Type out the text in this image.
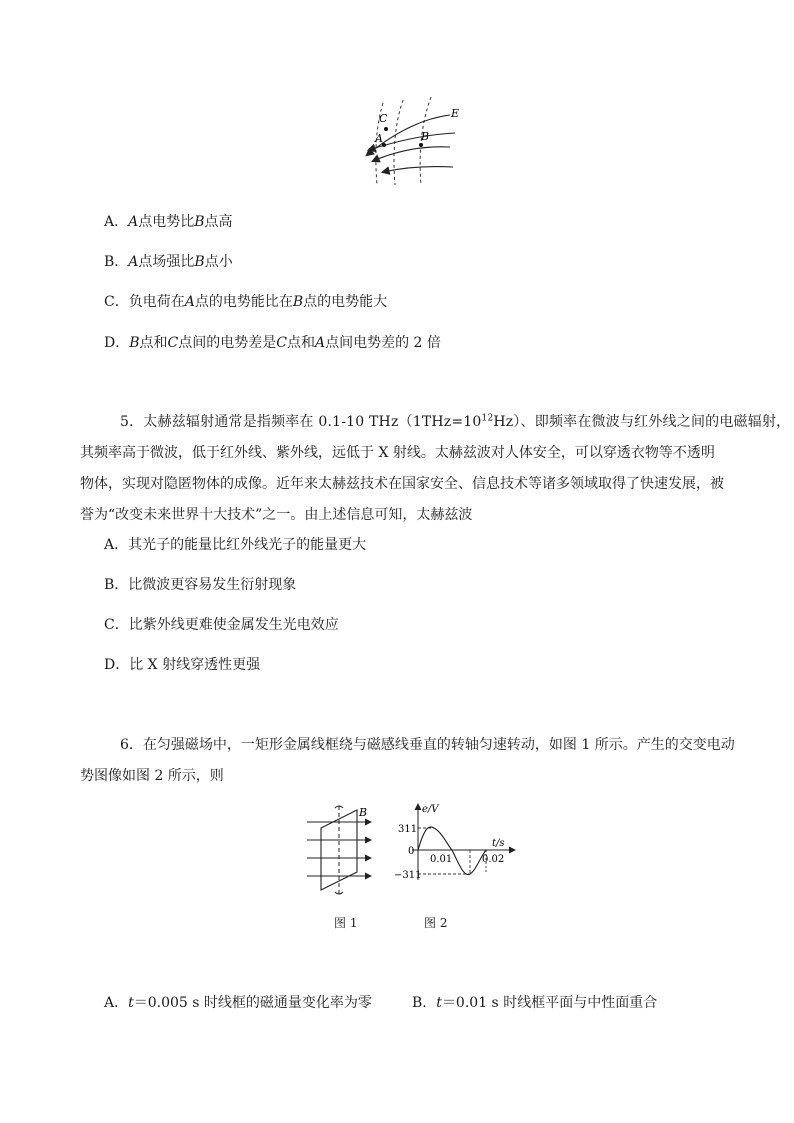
C	E
A	B
A．A点电势比B点高
B．A点场强比B点小
C．负电荷在A点的电势能比在B点的电势能大
D．B点和C点间的电势差是C点和A点间电势差的 2 倍
5．太赫兹辐射通常是指频率在 0.1-10 $THz(1THz=10^{12}Hz)$、即频率在微波与红外线之间的电磁辐射，
其频率高于微波，低于红外线、紫外线，远低于 X 射线。太赫兹波对人体安全，可以穿透衣物等不透明
物体，实现对隐匿物体的成像。近年来太赫兹技术在国家安全、信息技术等诸多领域取得了快速发展，被
誉为“改变未来世界十大技术”之一。由上述信息可知，太赫兹波
A．其光子的能量比红外线光子的能量更大
B．比微波更容易发生衍射现象
C．比紫外线更难使金属发生光电效应
D．比 X 射线穿透性更强
6．在匀强磁场中，一矩形金属线框绕与磁感线垂直的转轴匀速转动，如图 1 所示。产生的交变电动
势图像如图 2 所示，则
B
图 1
e/V
t/s
311
−311
0
0.01	0.02
图 2
A．t＝0.005 s 时线框的磁通量变化率为零	B．t＝0.01 s 时线框平面与中性面重合
